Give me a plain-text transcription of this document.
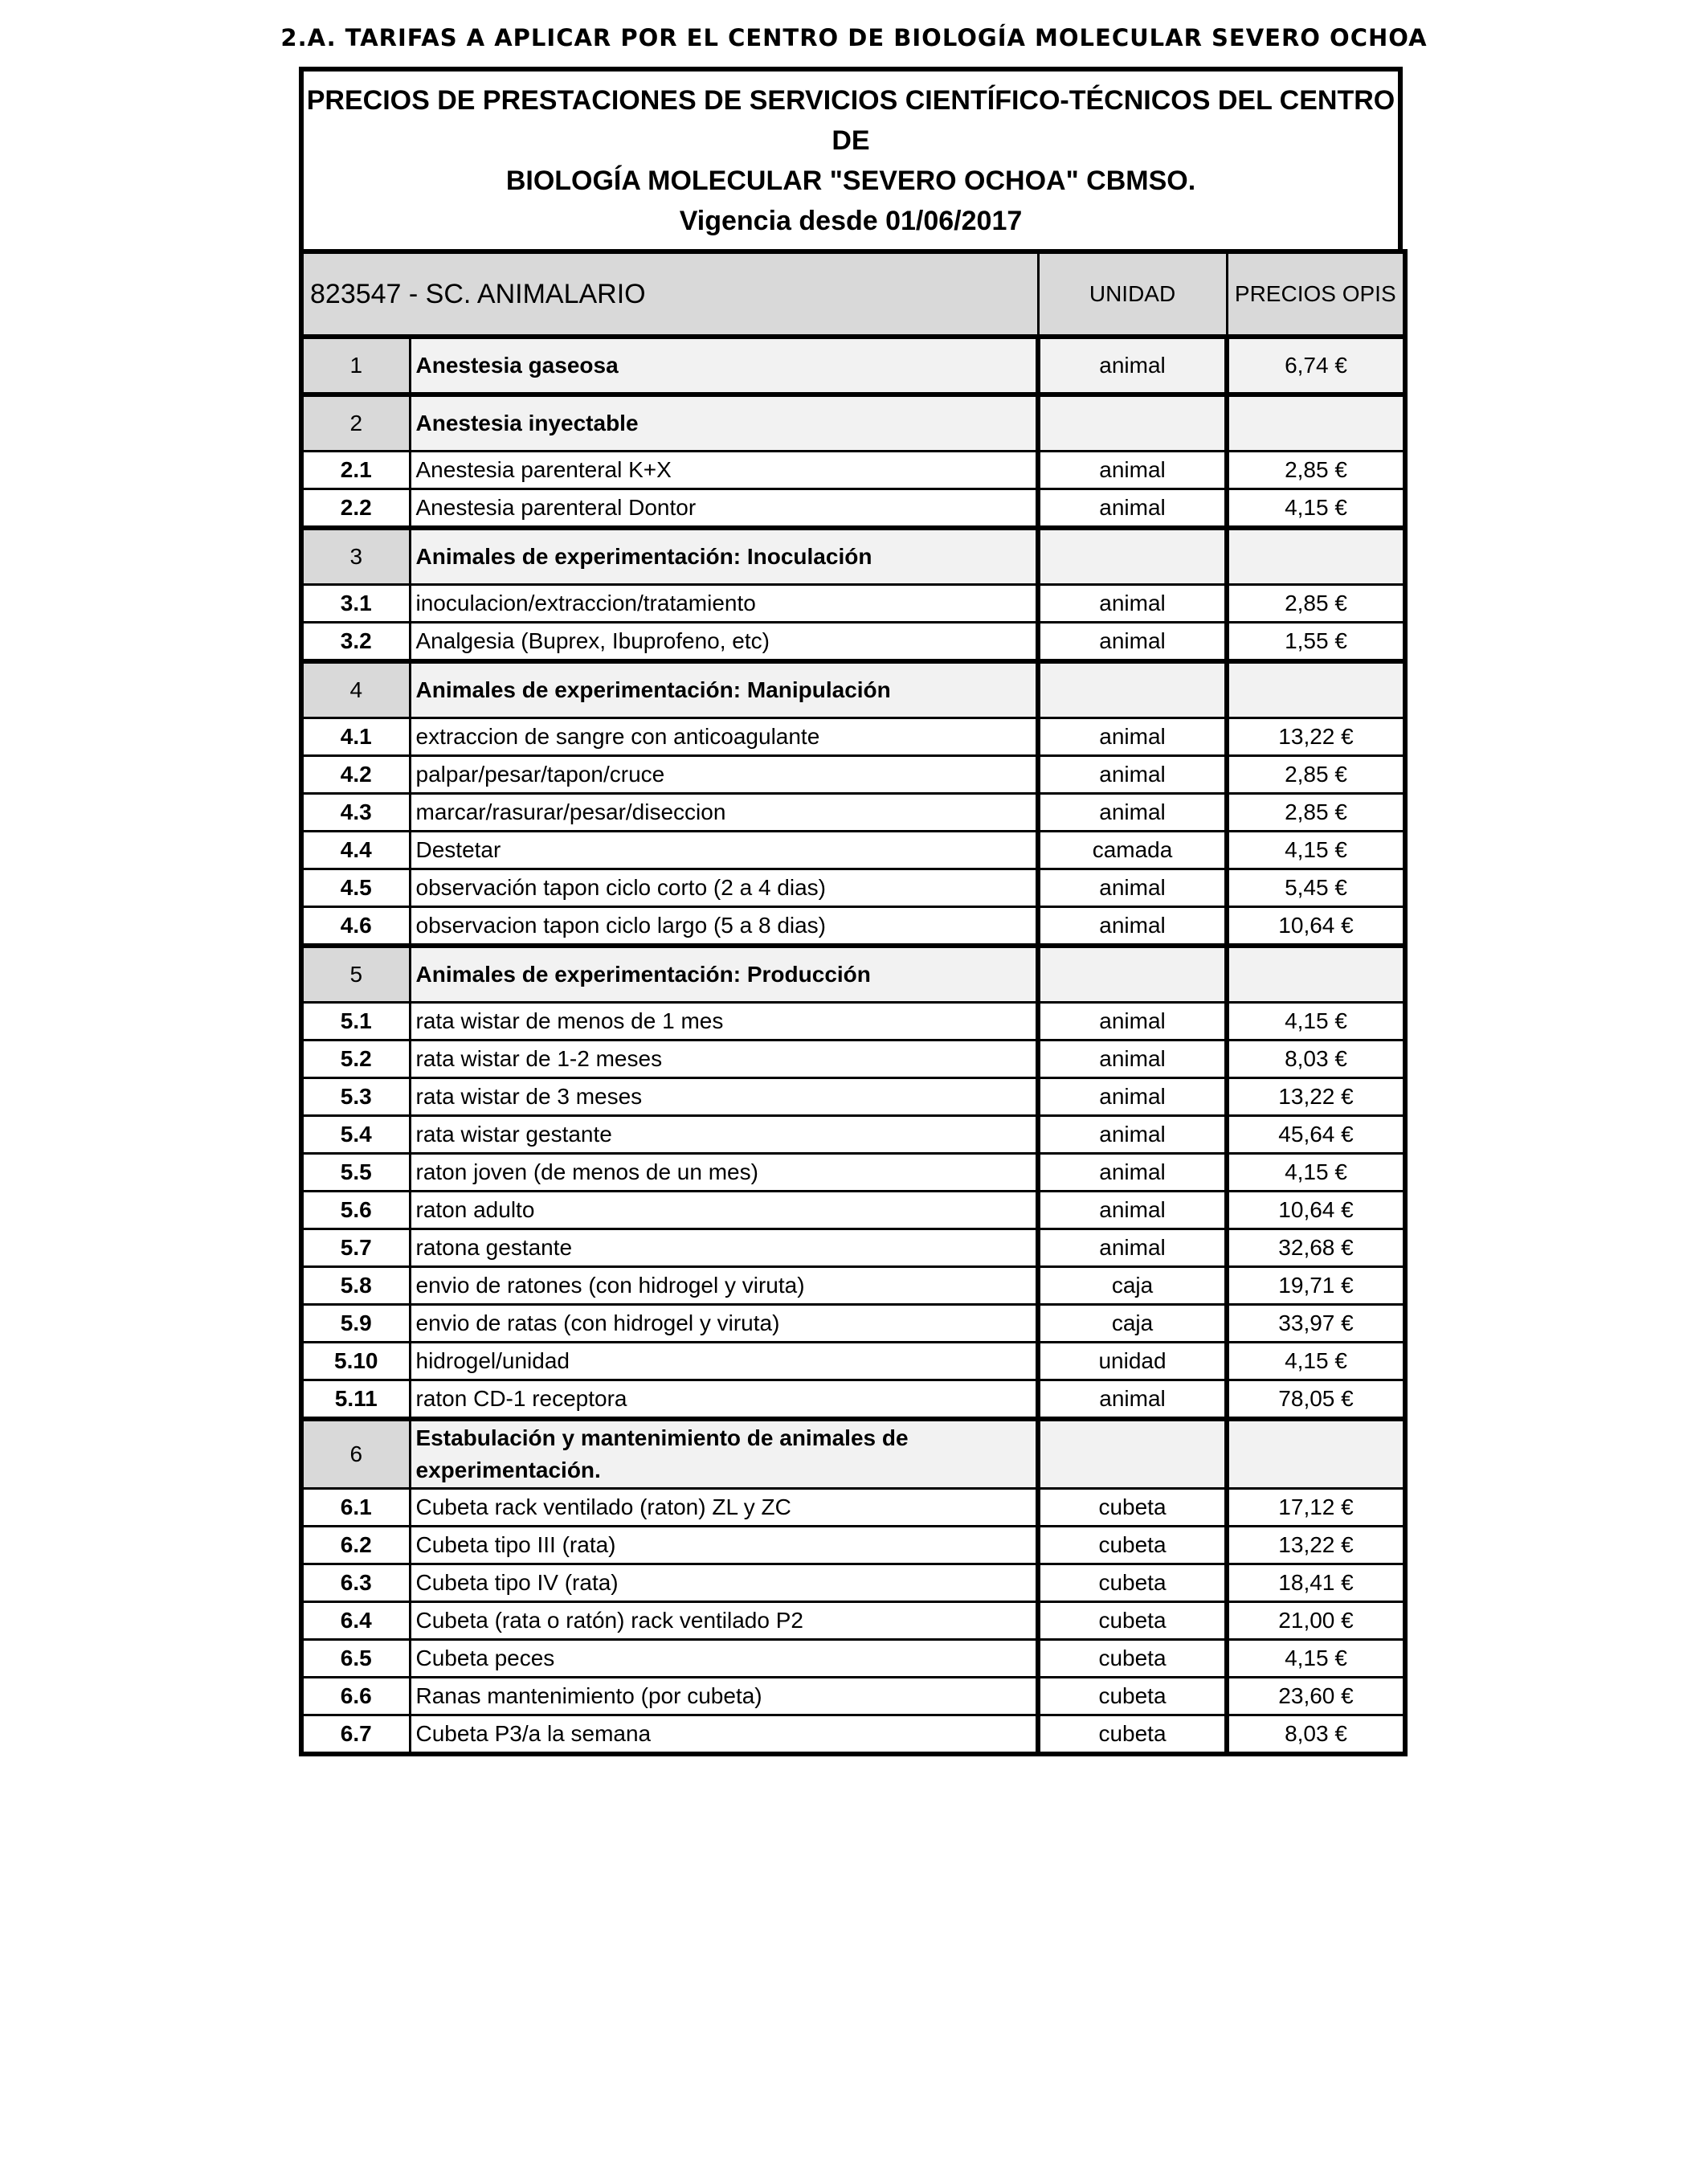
2.A. TARIFAS A APLICAR POR EL CENTRO DE BIOLOGÍA MOLECULAR SEVERO OCHOA
PRECIOS DE PRESTACIONES DE SERVICIOS CIENTÍFICO-TÉCNICOS DEL CENTRO DE
BIOLOGÍA MOLECULAR "SEVERO OCHOA" CBMSO.
Vigencia desde 01/06/2017
823547 - SC. ANIMALARIO		UNIDAD	PRECIOS OPIS
1	Anestesia gaseosa	animal	6,74 €
2	Anestesia inyectable		
2.1	Anestesia parenteral K+X	animal	2,85 €
2.2	Anestesia parenteral Dontor	animal	4,15 €
3	Animales de experimentación: Inoculación		
3.1	inoculacion/extraccion/tratamiento	animal	2,85 €
3.2	Analgesia (Buprex, Ibuprofeno, etc)	animal	1,55 €
4	Animales de experimentación: Manipulación		
4.1	extraccion de sangre con anticoagulante	animal	13,22 €
4.2	palpar/pesar/tapon/cruce	animal	2,85 €
4.3	marcar/rasurar/pesar/diseccion	animal	2,85 €
4.4	Destetar	camada	4,15 €
4.5	observación tapon ciclo corto (2 a 4 dias)	animal	5,45 €
4.6	observacion tapon ciclo largo (5 a 8 dias)	animal	10,64 €
5	Animales de experimentación: Producción		
5.1	rata wistar de menos de 1 mes	animal	4,15 €
5.2	rata wistar de 1-2 meses	animal	8,03 €
5.3	rata wistar de 3 meses	animal	13,22 €
5.4	rata wistar gestante	animal	45,64 €
5.5	raton joven (de menos de un mes)	animal	4,15 €
5.6	raton adulto	animal	10,64 €
5.7	ratona gestante	animal	32,68 €
5.8	envio de ratones (con hidrogel y viruta)	caja	19,71 €
5.9	envio de ratas (con hidrogel y viruta)	caja	33,97 €
5.10	hidrogel/unidad	unidad	4,15 €
5.11	raton CD-1 receptora	animal	78,05 €
6	Estabulación y mantenimiento de animales de experimentación.		
6.1	Cubeta rack ventilado (raton) ZL y ZC	cubeta	17,12 €
6.2	Cubeta tipo III (rata)	cubeta	13,22 €
6.3	Cubeta tipo IV (rata)	cubeta	18,41 €
6.4	Cubeta (rata o ratón) rack ventilado P2	cubeta	21,00 €
6.5	Cubeta peces	cubeta	4,15 €
6.6	Ranas mantenimiento (por cubeta)	cubeta	23,60 €
6.7	Cubeta P3/a la semana	cubeta	8,03 €
